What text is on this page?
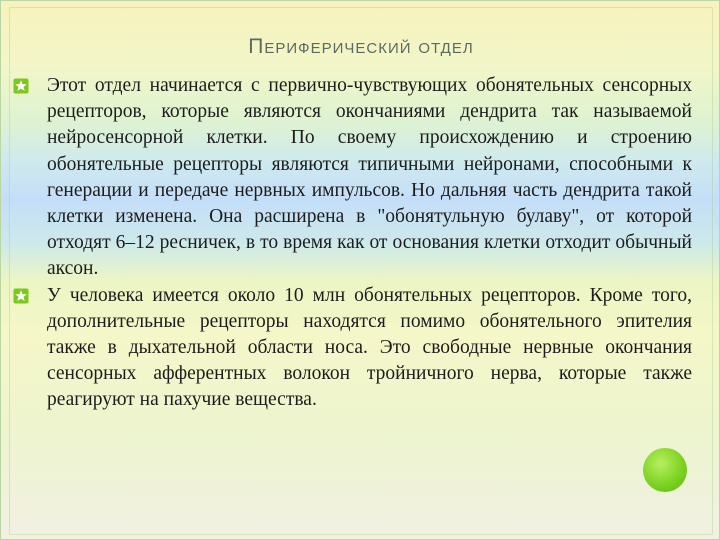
Периферический отдел
Этот отдел начинается с первично-чувствующих обонятельных сенсорных рецепторов, которые являются окончаниями дендрита так называемой нейросенсорной клетки. По своему происхождению и строению обонятельные рецепторы являются типичными нейронами, способными к генерации и передаче нервных импульсов. Но дальняя часть дендрита такой клетки изменена. Она расширена в "обонятульную булаву", от которой отходят 6–12 ресничек, в то время как от основания клетки отходит обычный аксон.
У человека имеется около 10 млн обонятельных рецепторов. Кроме того, дополнительные рецепторы находятся помимо обонятельного эпителия также в дыхательной области носа. Это свободные нервные окончания сенсорных афферентных волокон тройничного нерва, которые также реагируют на пахучие вещества.
